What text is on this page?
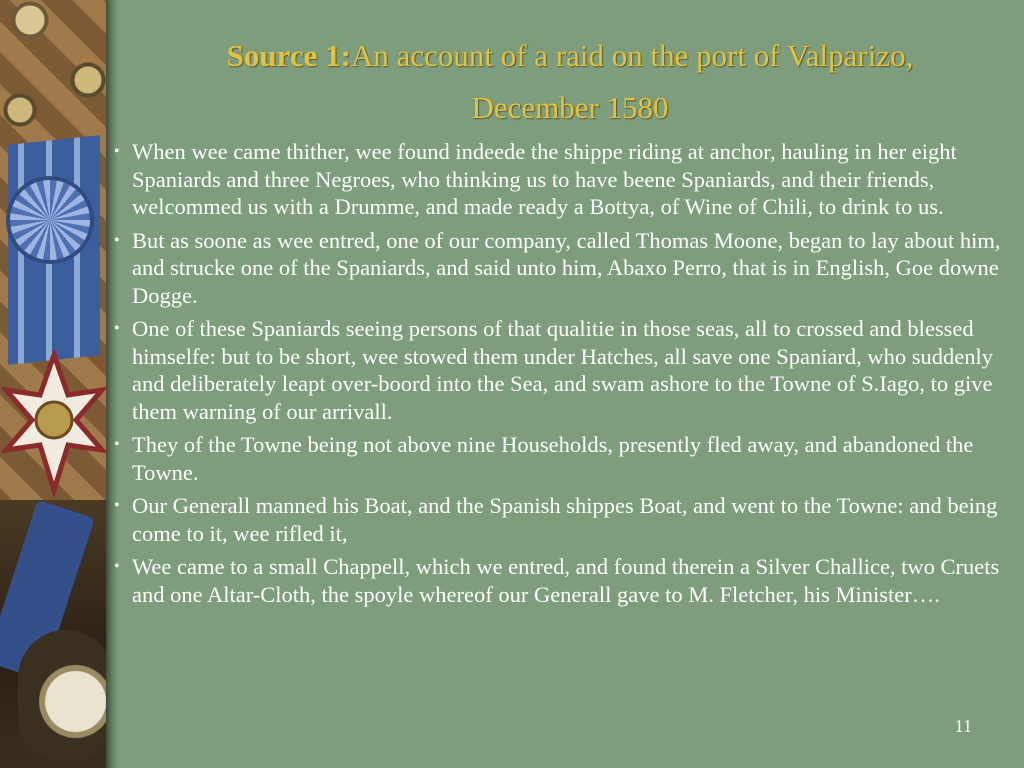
Source 1:An account of a raid on the port of Valparizo,
December 1580
• When wee came thither, wee found indeede the shippe riding at anchor, hauling in her eight Spaniards and three Negroes, who thinking us to have beene Spaniards, and their friends, welcommed us with a Drumme, and made ready a Bottya, of Wine of Chili, to drink to us.
• But as soone as wee entred, one of our company, called Thomas Moone, began to lay about him, and strucke one of the Spaniards, and said unto him, Abaxo Perro, that is in English, Goe downe Dogge.
• One of these Spaniards seeing persons of that qualitie in those seas, all to crossed and blessed himselfe: but to be short, wee stowed them under Hatches, all save one Spaniard, who suddenly and deliberately leapt over-boord into the Sea, and swam ashore to the Towne of S.Iago, to give them warning of our arrivall.
• They of the Towne being not above nine Households, presently fled away, and abandoned the Towne.
• Our Generall manned his Boat, and the Spanish shippes Boat, and went to the Towne: and being come to it, wee rifled it,
• Wee came to a small Chappell, which we entred, and found therein a Silver Challice, two Cruets and one Altar-Cloth, the spoyle whereof our Generall gave to M. Fletcher, his Minister….
11
